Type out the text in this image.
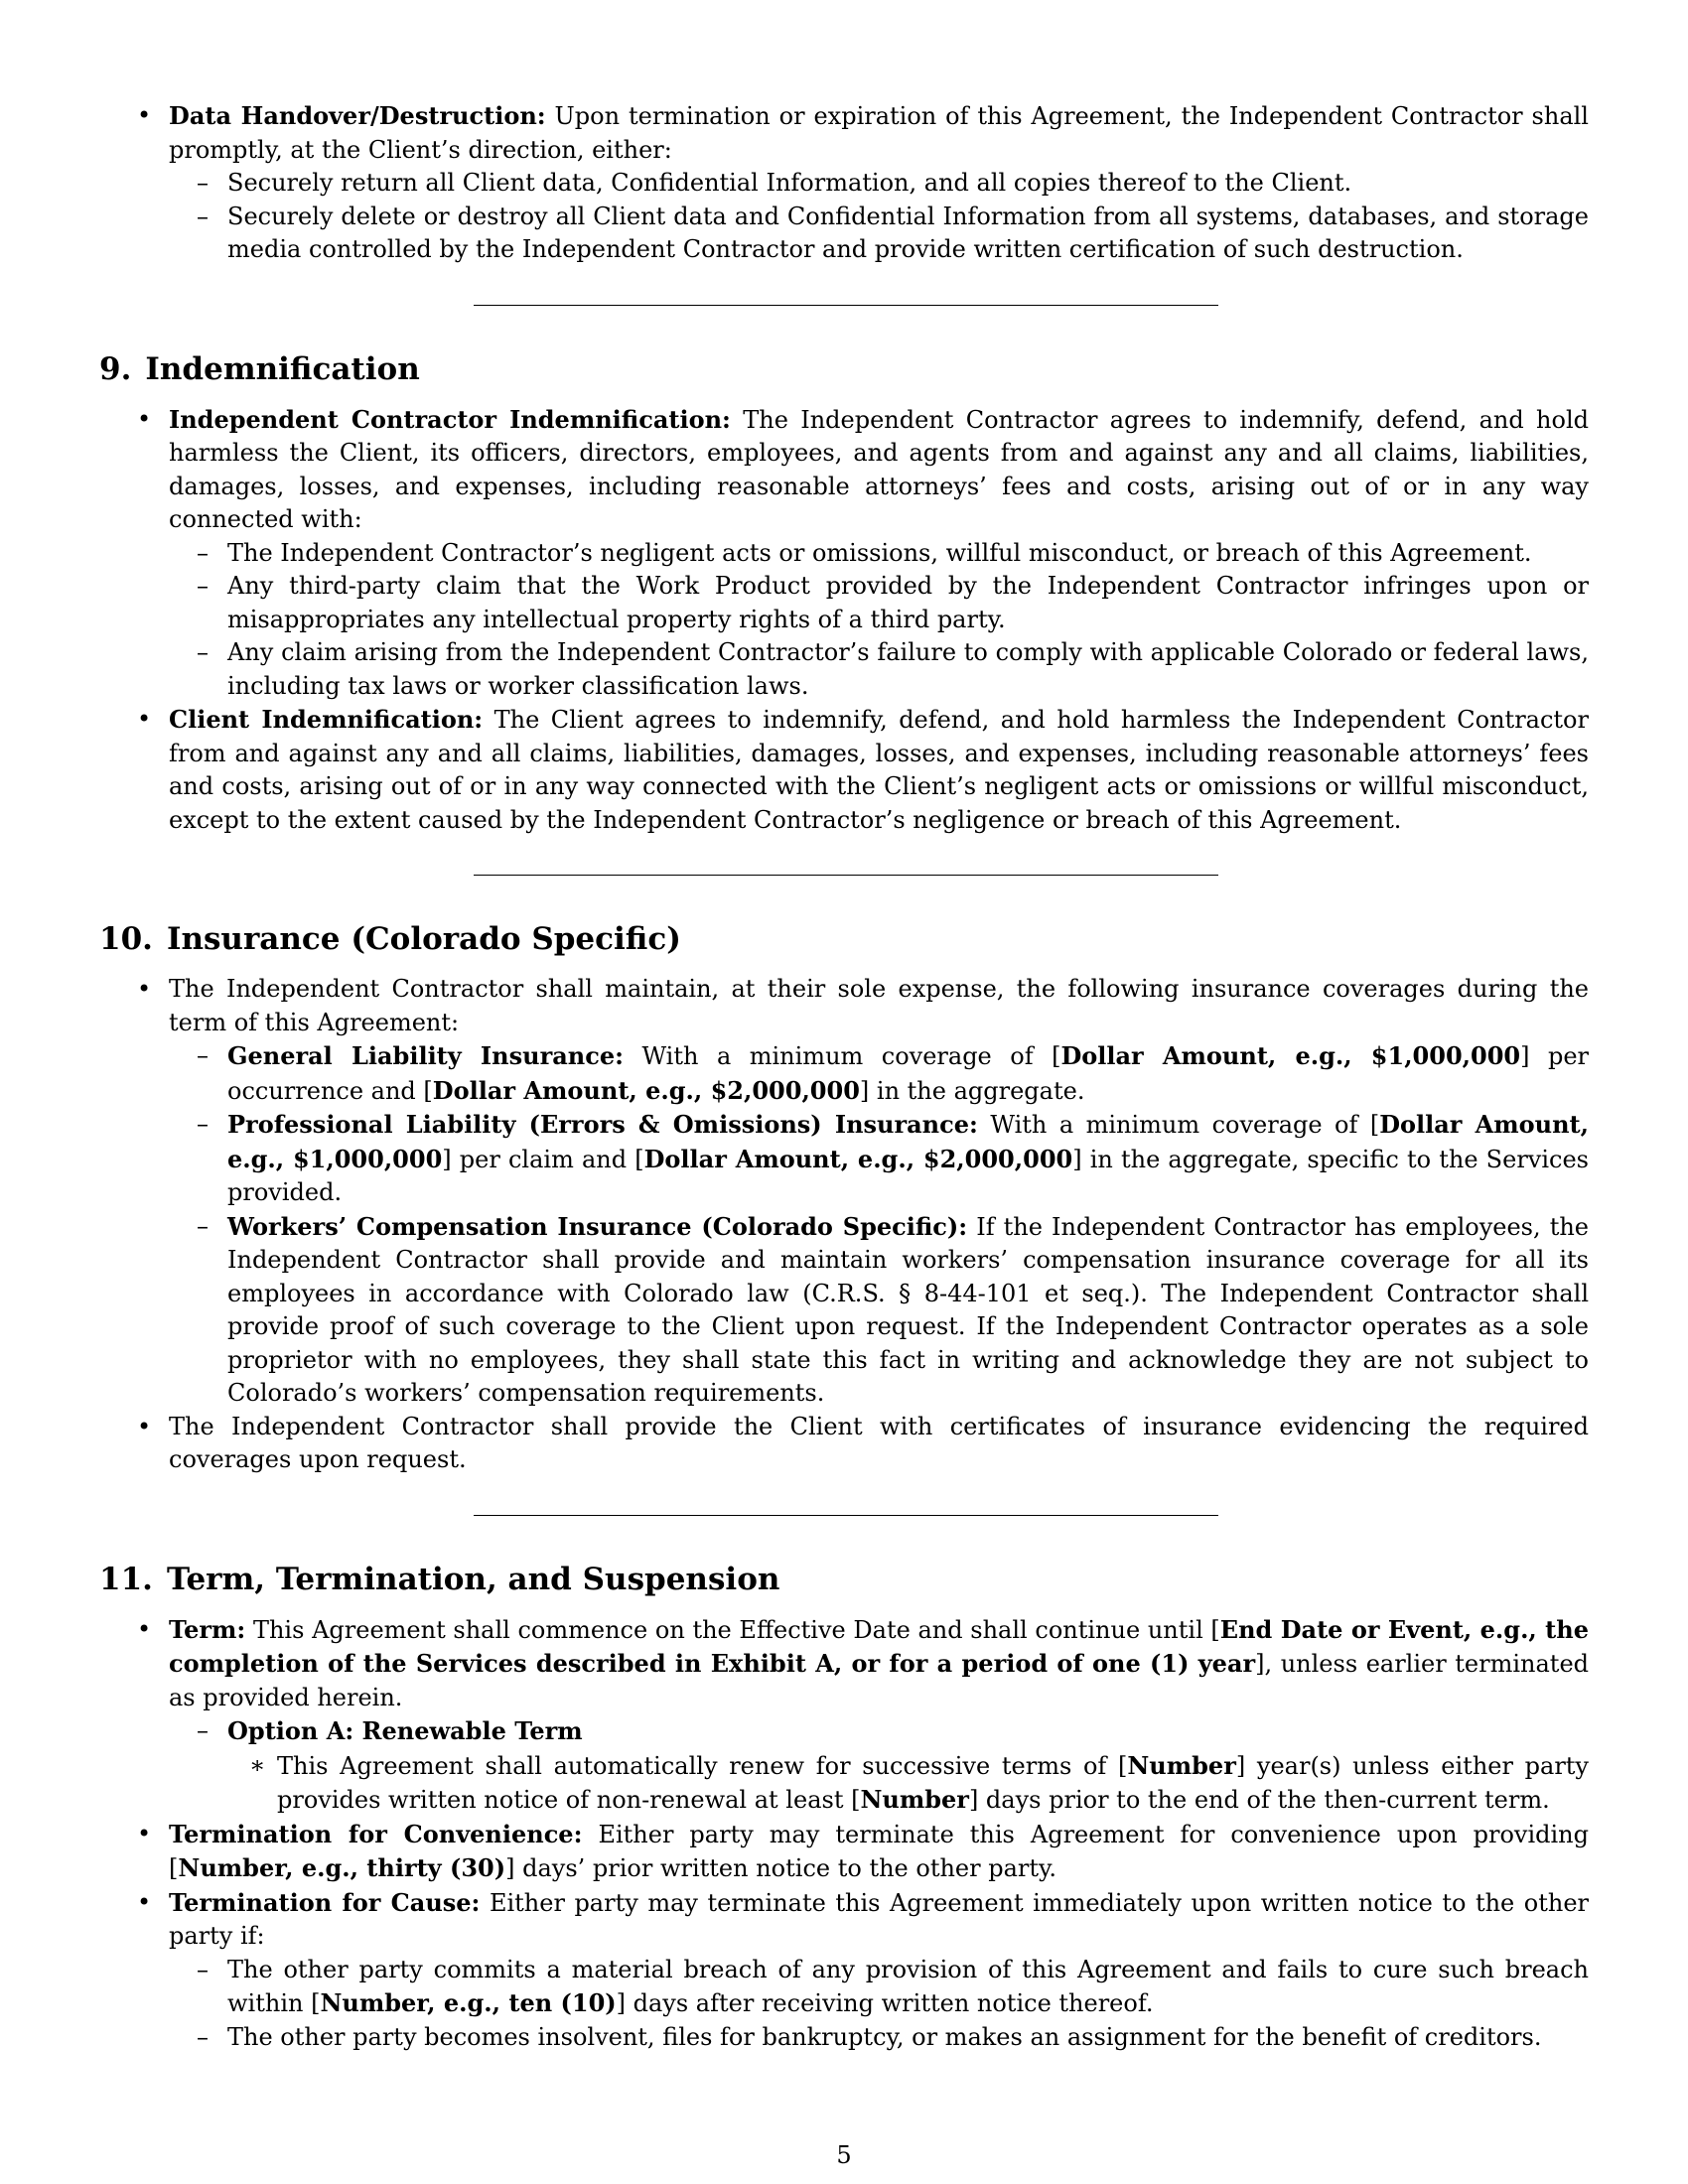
• Data Handover/Destruction: Upon termination or expiration of this Agreement, the Independent Contractor shall promptly, at the Client’s direction, either:
– Securely return all Client data, Confidential Information, and all copies thereof to the Client.
– Securely delete or destroy all Client data and Confidential Information from all systems, databases, and storage media controlled by the Independent Contractor and provide written certification of such destruction.
9. Indemnification
• Independent Contractor Indemnification: The Independent Contractor agrees to indemnify, defend, and hold harmless the Client, its officers, directors, employees, and agents from and against any and all claims, liabilities, damages, losses, and expenses, including reasonable attorneys’ fees and costs, arising out of or in any way connected with:
– The Independent Contractor’s negligent acts or omissions, willful misconduct, or breach of this Agreement.
– Any third-party claim that the Work Product provided by the Independent Contractor infringes upon or misappropriates any intellectual property rights of a third party.
– Any claim arising from the Independent Contractor’s failure to comply with applicable Colorado or federal laws, including tax laws or worker classification laws.
• Client Indemnification: The Client agrees to indemnify, defend, and hold harmless the Independent Contractor from and against any and all claims, liabilities, damages, losses, and expenses, including reasonable attorneys’ fees and costs, arising out of or in any way connected with the Client’s negligent acts or omissions or willful misconduct, except to the extent caused by the Independent Contractor’s negligence or breach of this Agreement.
10. Insurance (Colorado Specific)
• The Independent Contractor shall maintain, at their sole expense, the following insurance coverages during the term of this Agreement:
– General Liability Insurance: With a minimum coverage of [Dollar Amount, e.g., $1,000,000] per occurrence and [Dollar Amount, e.g., $2,000,000] in the aggregate.
– Professional Liability (Errors & Omissions) Insurance: With a minimum coverage of [Dollar Amount, e.g., $1,000,000] per claim and [Dollar Amount, e.g., $2,000,000] in the aggregate, specific to the Services provided.
– Workers’ Compensation Insurance (Colorado Specific): If the Independent Contractor has employees, the Independent Contractor shall provide and maintain workers’ compensation insurance coverage for all its employees in accordance with Colorado law (C.R.S. § 8-44-101 et seq.). The Independent Contractor shall provide proof of such coverage to the Client upon request. If the Independent Contractor operates as a sole proprietor with no employees, they shall state this fact in writing and acknowledge they are not subject to Colorado’s workers’ compensation requirements.
• The Independent Contractor shall provide the Client with certificates of insurance evidencing the required coverages upon request.
11. Term, Termination, and Suspension
• Term: This Agreement shall commence on the Effective Date and shall continue until [End Date or Event, e.g., the completion of the Services described in Exhibit A, or for a period of one (1) year], unless earlier terminated as provided herein.
– Option A: Renewable Term
∗ This Agreement shall automatically renew for successive terms of [Number] year(s) unless either party provides written notice of non-renewal at least [Number] days prior to the end of the then-current term.
• Termination for Convenience: Either party may terminate this Agreement for convenience upon providing [Number, e.g., thirty (30)] days’ prior written notice to the other party.
• Termination for Cause: Either party may terminate this Agreement immediately upon written notice to the other party if:
– The other party commits a material breach of any provision of this Agreement and fails to cure such breach within [Number, e.g., ten (10)] days after receiving written notice thereof.
– The other party becomes insolvent, files for bankruptcy, or makes an assignment for the benefit of creditors.
5
